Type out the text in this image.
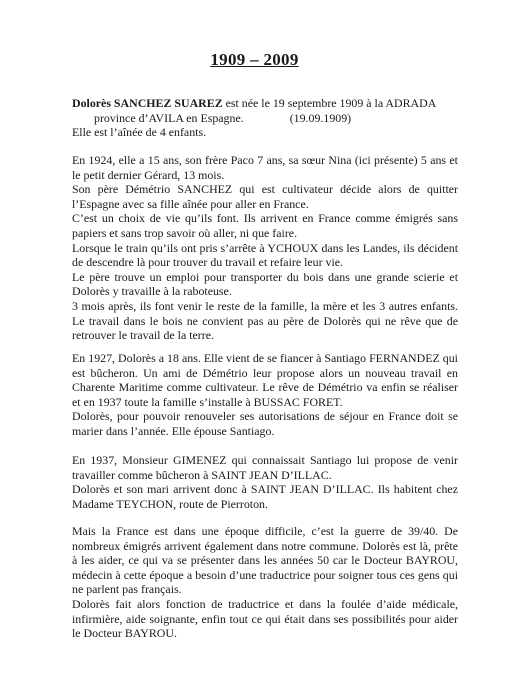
1909 – 2009
Dolorès SANCHEZ SUAREZ est née le 19 septembre 1909 à la ADRADA
province d’AVILA en Espagne.	(19.09.1909)
Elle est l’aînée de 4 enfants.
En 1924, elle a 15 ans, son frère Paco 7 ans, sa sœur Nina (ici présente) 5 ans et
le petit dernier Gérard, 13 mois.
Son père Démétrio SANCHEZ qui est cultivateur décide alors de quitter
l’Espagne avec sa fille aînée pour aller en France.
C’est un choix de vie qu’ils font. Ils arrivent en France comme émigrés sans
papiers et sans trop savoir où aller, ni que faire.
Lorsque le train qu’ils ont pris s’arrête à YCHOUX dans les Landes, ils décident
de descendre là pour trouver du travail et refaire leur vie.
Le père trouve un emploi pour transporter du bois dans une grande scierie et
Dolorès y travaille à la raboteuse.
3 mois après, ils font venir le reste de la famille, la mère et les 3 autres enfants.
Le travail dans le bois ne convient pas au père de Dolorès qui ne rêve que de
retrouver le travail de la terre.
En 1927, Dolorès a 18 ans. Elle vient de se fiancer à Santiago FERNANDEZ qui
est bûcheron. Un ami de Démétrio leur propose alors un nouveau travail en
Charente Maritime comme cultivateur. Le rêve de Démétrio va enfin se réaliser
et en 1937 toute la famille s’installe à BUSSAC FORET.
Dolorès, pour pouvoir renouveler ses autorisations de séjour en France doit se
marier dans l’année. Elle épouse Santiago.
En 1937, Monsieur GIMENEZ qui connaissait Santiago lui propose de venir
travailler comme bûcheron à SAINT JEAN D’ILLAC.
Dolorès et son mari arrivent donc à SAINT JEAN D’ILLAC. Ils habitent chez
Madame TEYCHON, route de Pierroton.
Mais la France est dans une époque difficile, c’est la guerre de 39/40. De
nombreux émigrés arrivent également dans notre commune. Dolorès est là, prête
à les aider, ce qui va se présenter dans les années 50 car le Docteur BAYROU,
médecin à cette époque a besoin d’une traductrice pour soigner tous ces gens qui
ne parlent pas français.
Dolorès fait alors fonction de traductrice et dans la foulée d’aide médicale,
infirmière, aide soignante, enfin tout ce qui était dans ses possibilités pour aider
le Docteur BAYROU.
